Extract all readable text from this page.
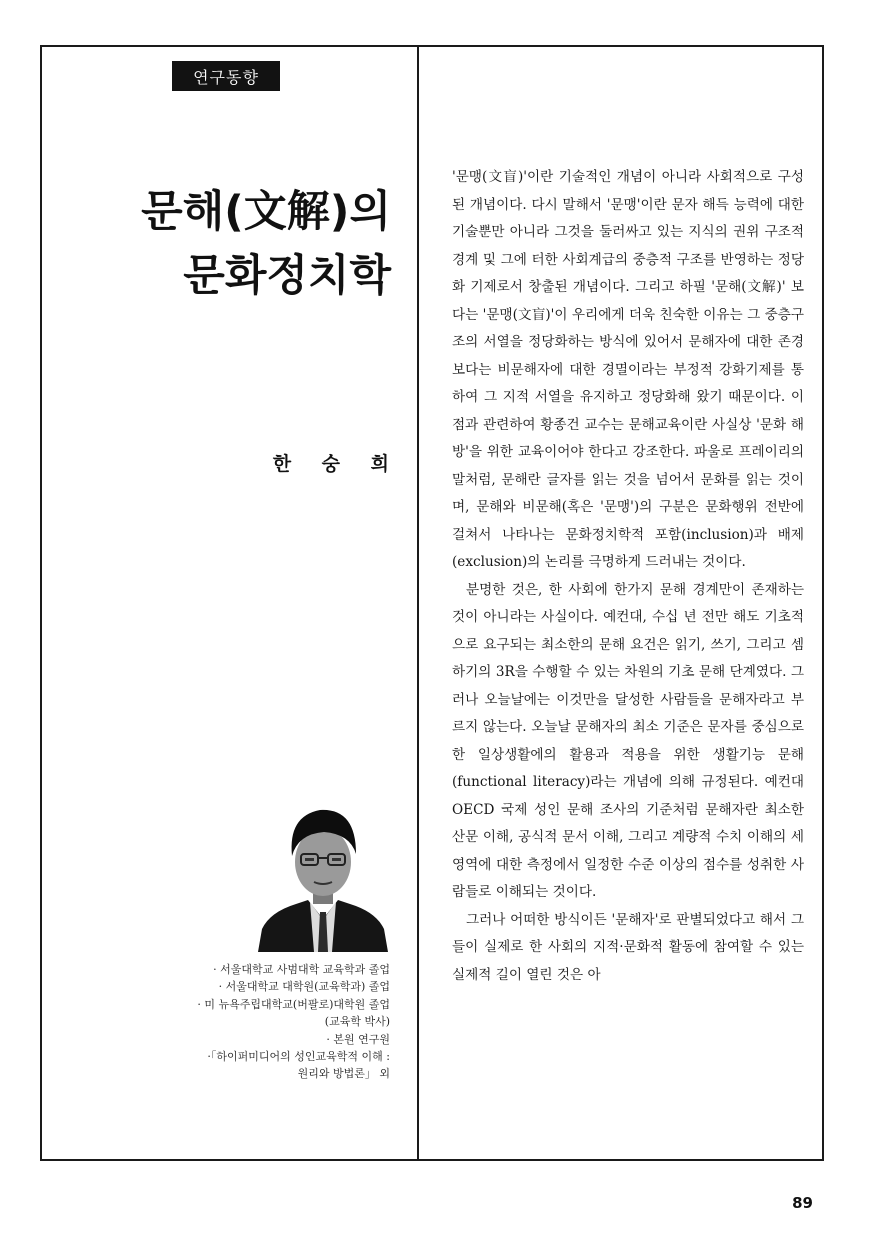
연구동향
문해(文解)의
문화정치학
한 숭 희
· 서울대학교 사범대학 교육학과 졸업
· 서울대학교 대학원(교육학과) 졸업
· 미 뉴욕주립대학교(버팔로)대학원 졸업
(교육학 박사)
· 본원 연구원
·「하이퍼미디어의 성인교육학적 이해 :
원리와 방법론」 외

'문맹(文盲)'이란 기술적인 개념이 아니라 사회적으로 구성된 개념이다. 다시 말해서 '문맹'이란 문자 해득 능력에 대한 기술뿐만 아니라 그것을 둘러싸고 있는 지식의 권위 구조적 경계 및 그에 터한 사회계급의 중층적 구조를 반영하는 정당화 기제로서 창출된 개념이다. 그리고 하필 '문해(文解)' 보다는 '문맹(文盲)'이 우리에게 더욱 친숙한 이유는 그 중층구조의 서열을 정당화하는 방식에 있어서 문해자에 대한 존경보다는 비문해자에 대한 경멸이라는 부정적 강화기제를 통하여 그 지적 서열을 유지하고 정당화해 왔기 때문이다. 이점과 관련하여 황종건 교수는 문해교육이란 사실상 '문화 해방'을 위한 교육이어야 한다고 강조한다. 파울로 프레이리의 말처럼, 문해란 글자를 읽는 것을 넘어서 문화를 읽는 것이며, 문해와 비문해(혹은 '문맹')의 구분은 문화행위 전반에 걸쳐서 나타나는 문화정치학적 포함(inclusion)과 배제(exclusion)의 논리를 극명하게 드러내는 것이다.

분명한 것은, 한 사회에 한가지 문해 경계만이 존재하는 것이 아니라는 사실이다. 예컨대, 수십 년 전만 해도 기초적으로 요구되는 최소한의 문해 요건은 읽기, 쓰기, 그리고 셈하기의 3R을 수행할 수 있는 차원의 기초 문해 단계였다. 그러나 오늘날에는 이것만을 달성한 사람들을 문해자라고 부르지 않는다. 오늘날 문해자의 최소 기준은 문자를 중심으로 한 일상생활에의 활용과 적용을 위한 생활기능 문해(functional literacy)라는 개념에 의해 규정된다. 예컨대 OECD 국제 성인 문해 조사의 기준처럼 문해자란 최소한 산문 이해, 공식적 문서 이해, 그리고 계량적 수치 이해의 세 영역에 대한 측정에서 일정한 수준 이상의 점수를 성취한 사람들로 이해되는 것이다.

그러나 어떠한 방식이든 '문해자'로 판별되었다고 해서 그들이 실제로 한 사회의 지적·문화적 활동에 참여할 수 있는 실제적 길이 열린 것은 아

89
